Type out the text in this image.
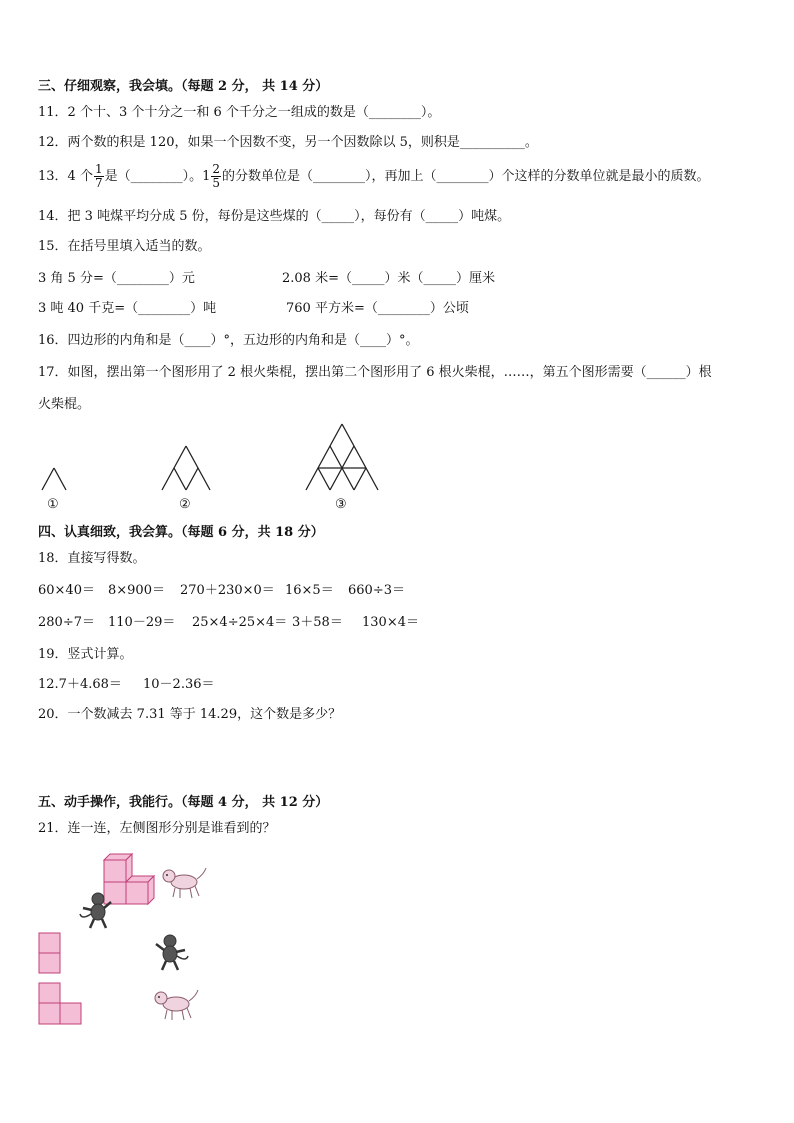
三、仔细观察，我会填。（每题 2 分， 共 14 分）
11．2 个十、3 个十分之一和 6 个千分之一组成的数是（________）。
12．两个数的积是 120，如果一个因数不变，另一个因数除以 5，则积是__________。
13．4 个 $\frac{1}{7}$ 是（________）。$1 \frac{2}{5}$ 的分数单位是（________），再加上（________）个这样的分数单位就是最小的质数。
14．把 3 吨煤平均分成 5 份，每份是这些煤的（_____），每份有（_____）吨煤。
15．在括号里填入适当的数。
3 角 5 分=（________）元	2.08 米=（_____）米（_____）厘米
3 吨 40 千克=（________）吨	760 平方米=（________）公顷
16．四边形的内角和是（____）°，五边形的内角和是（____）°。
17．如图，摆出第一个图形用了 2 根火柴棍，摆出第二个图形用了 6 根火柴棍，……，第五个图形需要（______）根
火柴棍。
①	②	③
四、认真细致，我会算。（每题 6 分，共 18 分）
18．直接写得数。
60×40＝ 8×900＝ 270＋230×0＝ 16×5＝ 660÷3＝
280÷7＝ 110－29＝ 25×4÷25×4＝ 3＋58＝ 130×4＝
19．竖式计算。
12.7＋4.68＝ 10－2.36＝
20．一个数减去 7.31 等于 14.29，这个数是多少？
五、动手操作，我能行。（每题 4 分， 共 12 分）
21．连一连，左侧图形分别是谁看到的？
